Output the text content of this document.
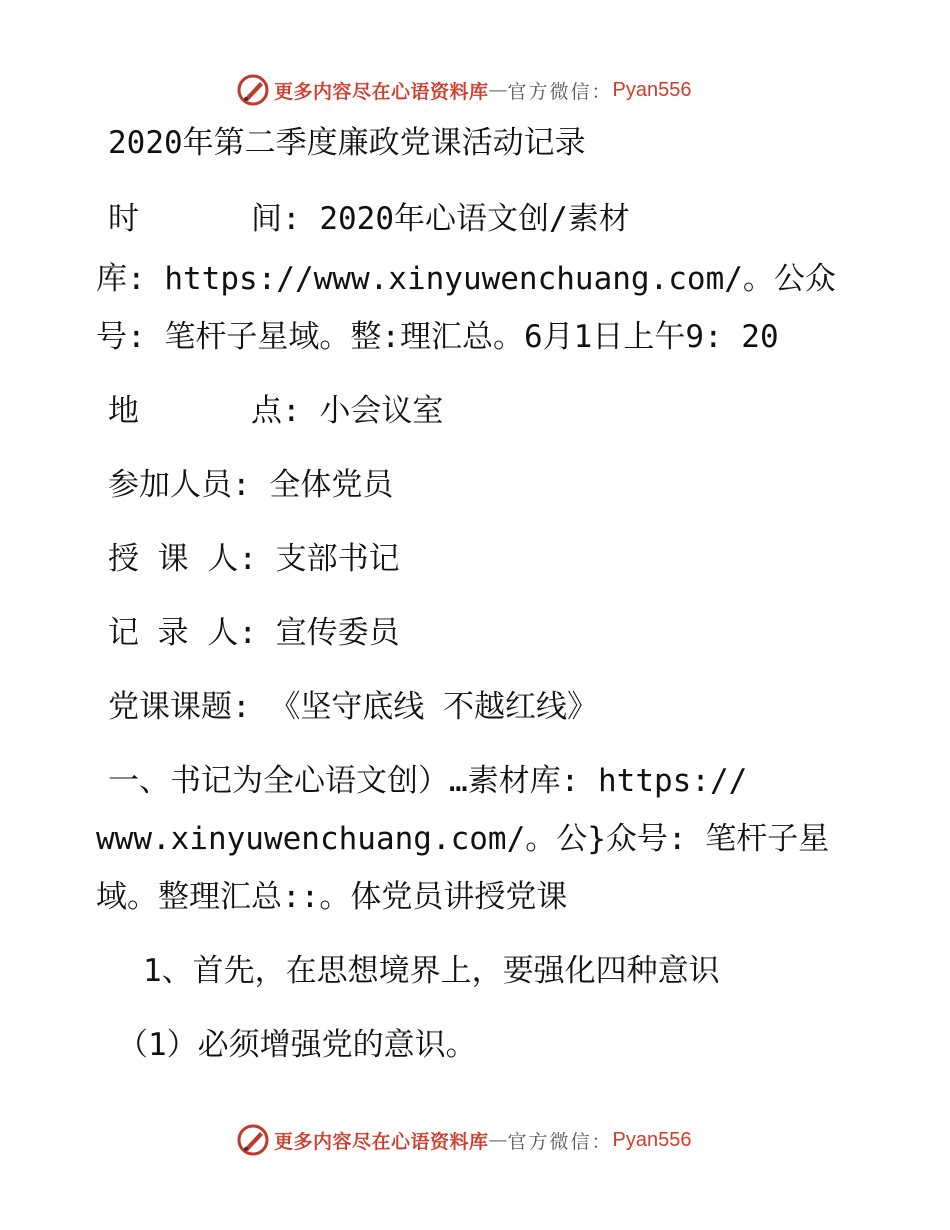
更多内容尽在心语资料库 — 官方微信： Pyan556
2020年第二季度廉政党课活动记录
时      间: 2020年心语文创/素材
库: https://www.xinyuwenchuang.com/。公众
号: 笔杆子星域。整:理汇总。6月1日上午9: 20
地      点: 小会议室
参加人员: 全体党员
授 课 人: 支部书记
记 录 人: 宣传委员
党课课题: 《坚守底线 不越红线》
一、书记为全心语文创）…素材库: https://
www.xinyuwenchuang.com/。公}众号: 笔杆子星
域。整理汇总::。体党员讲授党课
1、首先，在思想境界上，要强化四种意识
（1）必须增强党的意识。
更多内容尽在心语资料库 — 官方微信： Pyan556
